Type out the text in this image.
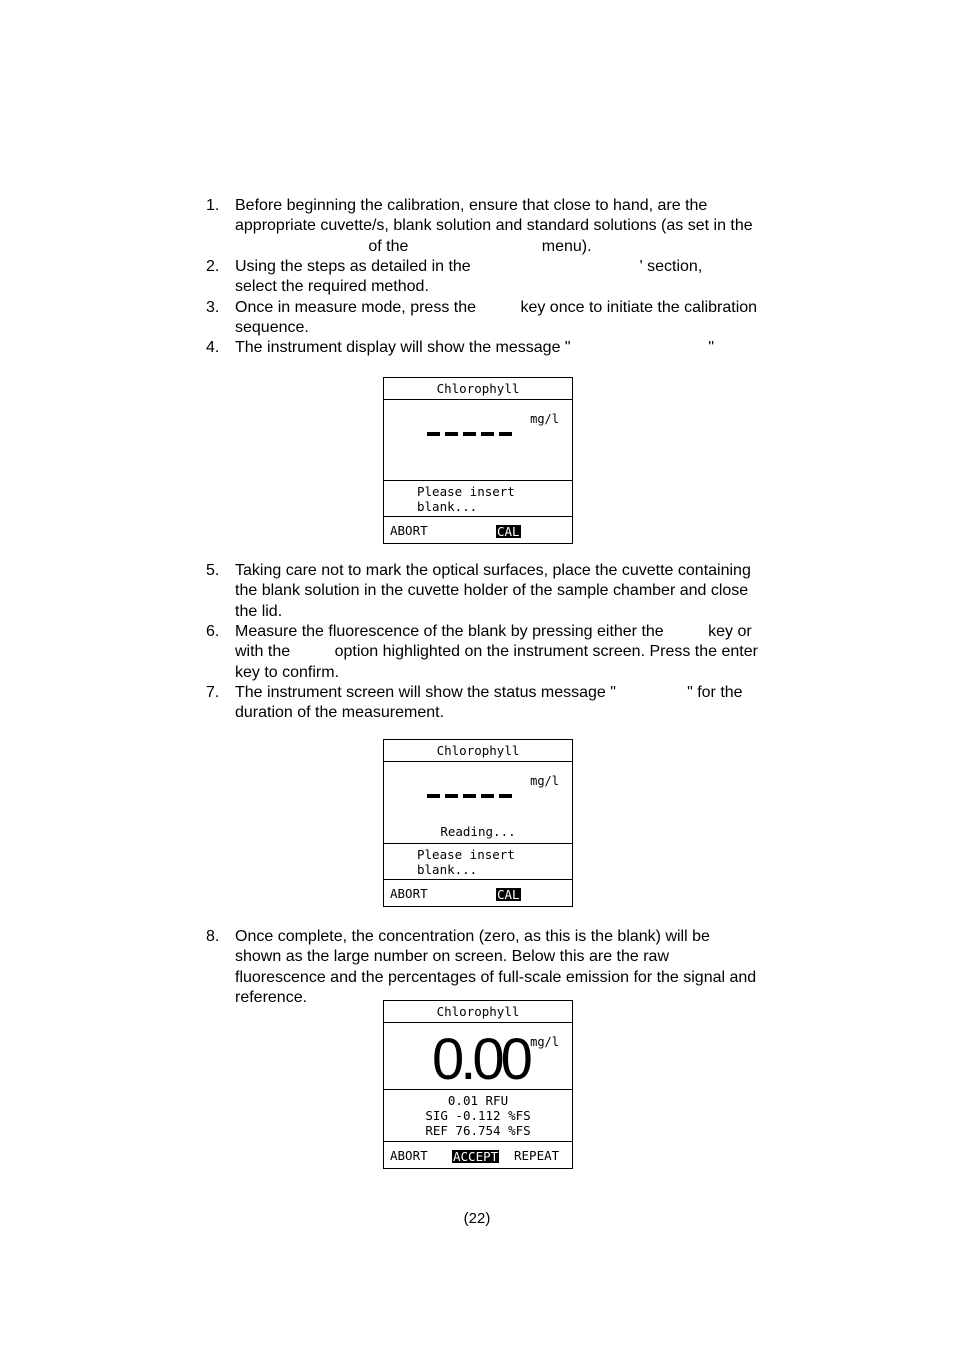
1. Before beginning the calibration, ensure that close to hand, are the
appropriate cuvette/s, blank solution and standard solutions (as set in the
of the                              menu).
2. Using the steps as detailed in the                                      ' section,
select the required method.
3. Once in measure mode, press the          key once to initiate the calibration
sequence.
4. The instrument display will show the message "                               "
Chlorophyll
mg/l
Please insert
blank...
ABORT	CAL
5. Taking care not to mark the optical surfaces, place the cuvette containing
the blank solution in the cuvette holder of the sample chamber and close
the lid.
6. Measure the fluorescence of the blank by pressing either the          key or
with the          option highlighted on the instrument screen. Press the enter
key to confirm.
7. The instrument screen will show the status message "                " for the
duration of the measurement.
Chlorophyll
mg/l
Reading...
Please insert
blank...
ABORT	CAL
8. Once complete, the concentration (zero, as this is the blank) will be
shown as the large number on screen. Below this are the raw
fluorescence and the percentages of full-scale emission for the signal and
reference.
Chlorophyll
0.00 mg/l
0.01 RFU
SIG -0.112 %FS
REF 76.754 %FS
ABORT ACCEPT REPEAT
(22)
